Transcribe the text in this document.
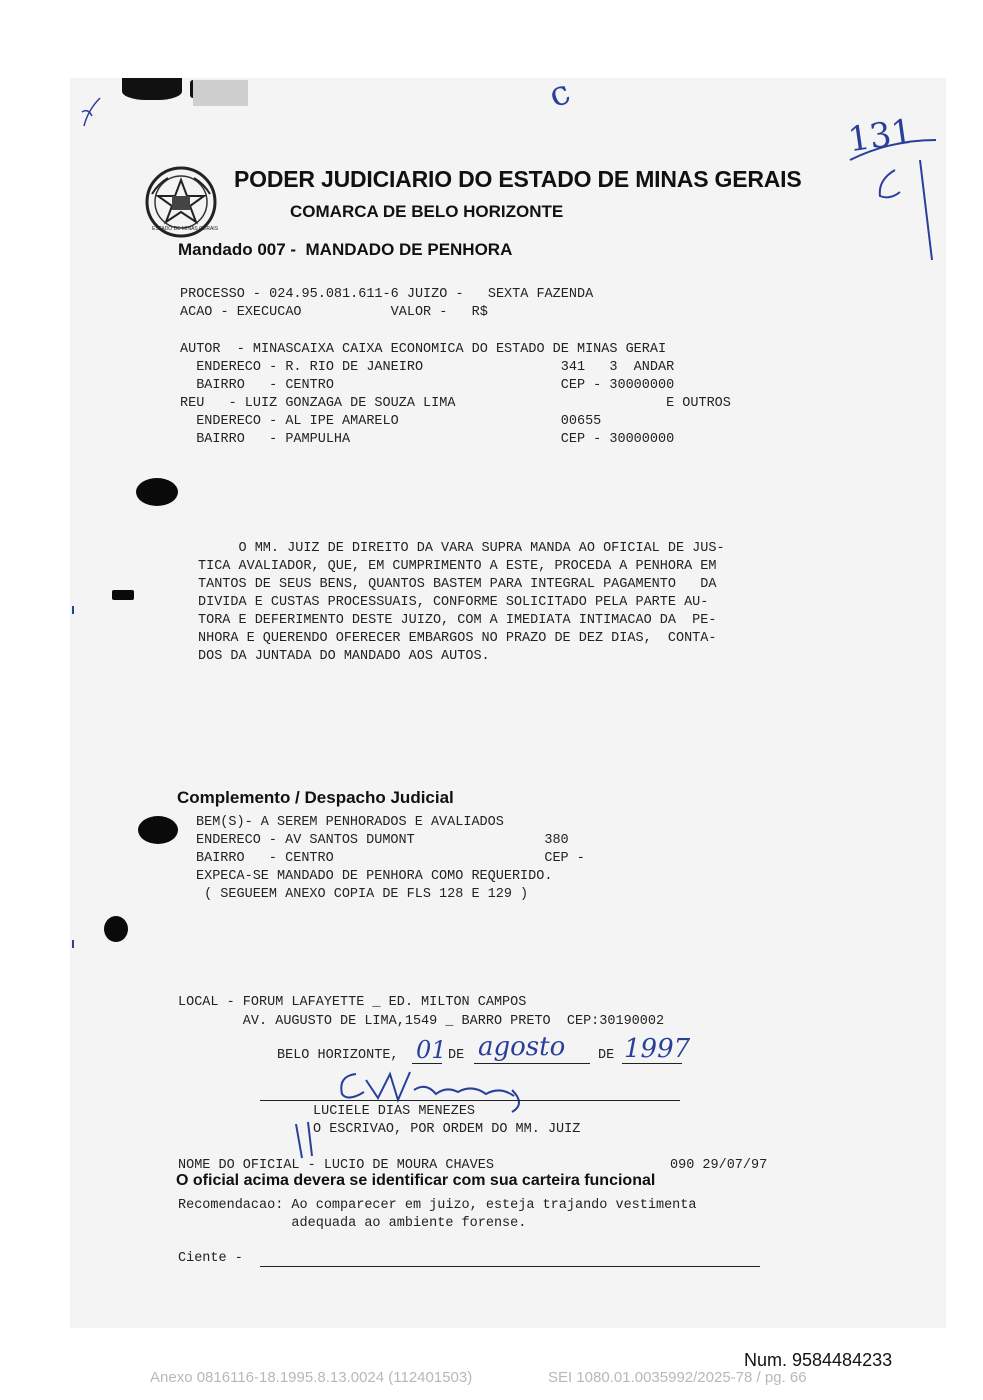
ESTADO DE MINAS GERAIS
PODER JUDICIARIO DO ESTADO DE MINAS GERAIS
COMARCA DE BELO HORIZONTE
Mandado 007 -  MANDADO DE PENHORA
131
c
PROCESSO - 024.95.081.611-6 JUIZO -   SEXTA FAZENDA
ACAO - EXECUCAO           VALOR -   R$
AUTOR  - MINASCAIXA CAIXA ECONOMICA DO ESTADO DE MINAS GERAI
ENDERECO - R. RIO DE JANEIRO                 341   3  ANDAR
BAIRRO   - CENTRO                            CEP - 30000000
REU   - LUIZ GONZAGA DE SOUZA LIMA                          E OUTROS
ENDERECO - AL IPE AMARELO                    00655
BAIRRO   - PAMPULHA                          CEP - 30000000
O MM. JUIZ DE DIREITO DA VARA SUPRA MANDA AO OFICIAL DE JUS-
TICA AVALIADOR, QUE, EM CUMPRIMENTO A ESTE, PROCEDA A PENHORA EM
TANTOS DE SEUS BENS, QUANTOS BASTEM PARA INTEGRAL PAGAMENTO   DA
DIVIDA E CUSTAS PROCESSUAIS, CONFORME SOLICITADO PELA PARTE AU-
TORA E DEFERIMENTO DESTE JUIZO, COM A IMEDIATA INTIMACAO DA  PE-
NHORA E QUERENDO OFERECER EMBARGOS NO PRAZO DE DEZ DIAS,  CONTA-
DOS DA JUNTADA DO MANDADO AOS AUTOS.
Complemento / Despacho Judicial
BEM(S)- A SEREM PENHORADOS E AVALIADOS
ENDERECO - AV SANTOS DUMONT                380
BAIRRO   - CENTRO                          CEP -
EXPECA-SE MANDADO DE PENHORA COMO REQUERIDO.
( SEGUEEM ANEXO COPIA DE FLS 128 E 129 )
LOCAL - FORUM LAFAYETTE _ ED. MILTON CAMPOS
AV. AUGUSTO DE LIMA,1549 _ BARRO PRETO  CEP:30190002
BELO HORIZONTE, 01 DE agosto DE 1997
LUCIELE DIAS MENEZES
O ESCRIVAO, POR ORDEM DO MM. JUIZ
NOME DO OFICIAL - LUCIO DE MOURA CHAVES	090 29/07/97
O oficial acima devera se identificar com sua carteira funcional
Recomendacao: Ao comparecer em juizo, esteja trajando vestimenta
adequada ao ambiente forense.
Ciente -
Num. 9584484233
Anexo 0816116-18.1995.8.13.0024 (112401503)	SEI 1080.01.0035992/2025-78 / pg. 66
